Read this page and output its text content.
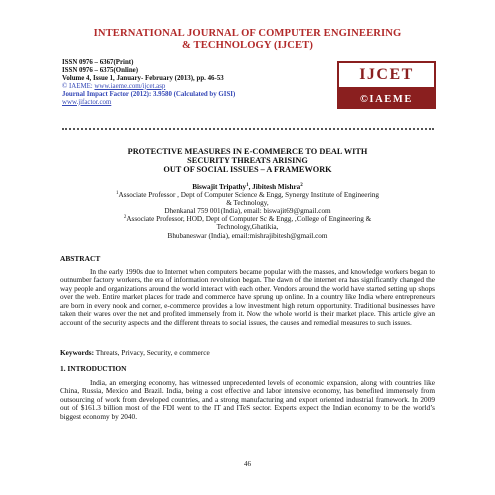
INTERNATIONAL JOURNAL OF COMPUTER ENGINEERING
& TECHNOLOGY (IJCET)
ISSN 0976 – 6367(Print)
ISSN 0976 – 6375(Online)
Volume 4, Issue 1, January- February (2013), pp. 46-53
© IAEME: www.iaeme.com/ijcet.asp
Journal Impact Factor (2012): 3.9580 (Calculated by GISI)
www.jifactor.com
IJCET
©IAEME
PROTECTIVE MEASURES IN E-COMMERCE TO DEAL WITH
SECURITY THREATS ARISING
OUT OF SOCIAL ISSUES – A FRAMEWORK
Biswajit Tripathy$^1$, Jibitesh Mishra$^2$
$^1$Associate Professor , Dept of Computer Science & Engg, Synergy Institute of Engineering
& Technology,
Dhenkanal 759 001(India), email: biswajit69@gmail.com
$^2$Associate Professor, HOD, Dept of Computer Sc & Engg, ,College of Engineering &
Technology,Ghatikia,
Bhubaneswar (India), email:mishrajibitesh@gmail.com
ABSTRACT
In the early 1990s due to Internet when computers became popular with the masses, and knowledge workers began to outnumber factory workers, the era of information revolution began. The dawn of the internet era has significantly changed the way people and organizations around the world interact with each other. Vendors around the world have started setting up shops over the web. Entire market places for trade and commerce have sprung up online. In a country like India where entrepreneurs are born in every nook and corner, e-commerce provides a low investment high return opportunity. Traditional businesses have taken their wares over the net and profited immensely from it. Now the whole world is their market place. This article give an account of the security aspects and the different threats to social issues, the causes and remedial measures to such issues.
Keywords: Threats, Privacy, Security, e commerce
1. INTRODUCTION
India, an emerging economy, has witnessed unprecedented levels of economic expansion, along with countries like China, Russia, Mexico and Brazil. India, being a cost effective and labor intensive economy, has benefited immensely from outsourcing of work from developed countries, and a strong manufacturing and export oriented industrial framework. In 2009 out of $161.3 billion most of the FDI went to the IT and ITeS sector. Experts expect the Indian economy to be the world’s biggest economy by 2040.
46
